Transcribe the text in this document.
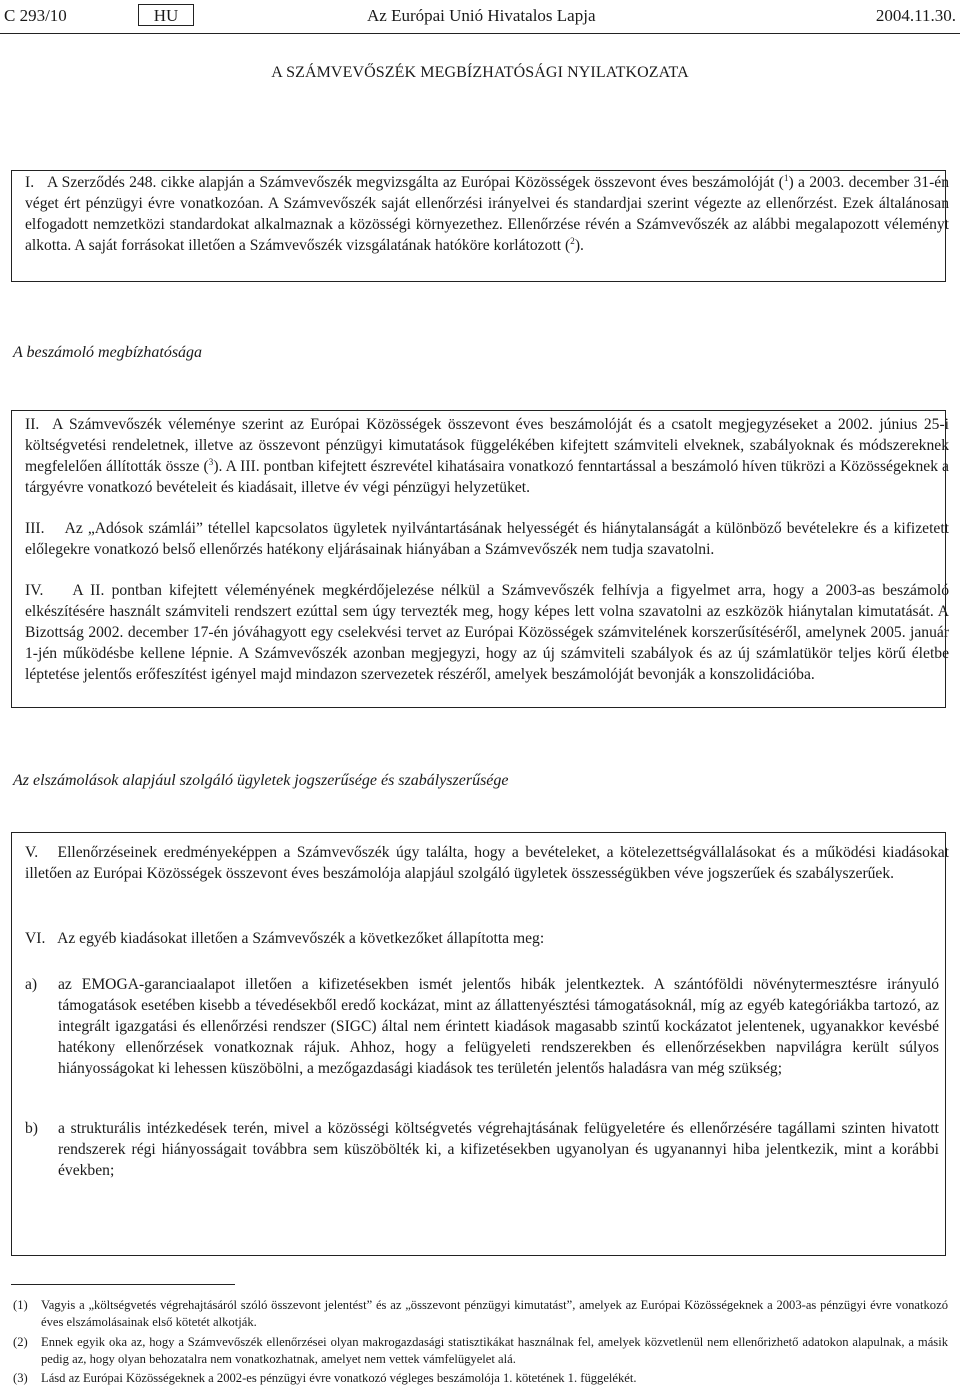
C 293/10	HU	Az Európai Unió Hivatalos Lapja	2004.11.30.
A SZÁMVEVŐSZÉK MEGBÍZHATÓSÁGI NYILATKOZATA

I. A Szerződés 248. cikke alapján a Számvevőszék megvizsgálta az Európai Közösségek összevont éves beszámolóját ($^1$) a 2003. december 31-én véget ért pénzügyi évre vonatkozóan. A Számvevőszék saját ellenőrzési irányelvei és standardjai szerint végezte az ellenőrzést. Ezek általánosan elfogadott nemzetközi standardokat alkalmaznak a közösségi környezethez. Ellenőrzése révén a Számvevőszék az alábbi megalapozott véleményt alkotta. A saját forrásokat illetően a Számvevőszék vizsgálatának hatóköre korlátozott ($^2$).

A beszámoló megbízhatósága

II. A Számvevőszék véleménye szerint az Európai Közösségek összevont éves beszámolóját és a csatolt megjegyzéseket a 2002. június 25-i költségvetési rendeletnek, illetve az összevont pénzügyi kimutatások függelékében kifejtett számviteli elveknek, szabályoknak és módszereknek megfelelően állították össze ($^3$). A III. pontban kifejtett észrevétel kihatásaira vonatkozó fenntartással a beszámoló híven tükrözi a Közösségeknek a tárgyévre vonatkozó bevételeit és kiadásait, illetve év végi pénzügyi helyzetüket.

III. Az „Adósok számlái” tétellel kapcsolatos ügyletek nyilvántartásának helyességét és hiánytalanságát a különböző bevételekre és a kifizetett előlegekre vonatkozó belső ellenőrzés hatékony eljárásainak hiányában a Számvevőszék nem tudja szavatolni.

IV. A II. pontban kifejtett véleményének megkérdőjelezése nélkül a Számvevőszék felhívja a figyelmet arra, hogy a 2003-as beszámoló elkészítésére használt számviteli rendszert ezúttal sem úgy tervezték meg, hogy képes lett volna szavatolni az eszközök hiánytalan kimutatását. A Bizottság 2002. december 17-én jóváhagyott egy cselekvési tervet az Európai Közösségek számvitelének korszerűsítéséről, amelynek 2005. január 1-jén működésbe kellene lépnie. A Számvevőszék azonban megjegyzi, hogy az új számviteli szabályok és az új számlatükör teljes körű életbe léptetése jelentős erőfeszítést igényel majd mindazon szervezetek részéről, amelyek beszámolóját bevonják a konszolidációba.

Az elszámolások alapjául szolgáló ügyletek jogszerűsége és szabályszerűsége

V. Ellenőrzéseinek eredményeképpen a Számvevőszék úgy találta, hogy a bevételeket, a kötelezettségvállalásokat és a működési kiadásokat illetően az Európai Közösségek összevont éves beszámolója alapjául szolgáló ügyletek összességükben véve jogszerűek és szabályszerűek.

VI. Az egyéb kiadásokat illetően a Számvevőszék a következőket állapította meg:

a) az EMOGA-garanciaalapot illetően a kifizetésekben ismét jelentős hibák jelentkeztek. A szántóföldi növénytermesztésre irányuló támogatások esetében kisebb a tévedésekből eredő kockázat, mint az állattenyésztési támogatásoknál, míg az egyéb kategóriákba tartozó, az integrált igazgatási és ellenőrzési rendszer (SIGC) által nem érintett kiadások magasabb szintű kockázatot jelentenek, ugyanakkor kevésbé hatékony ellenőrzések vonatkoznak rájuk. Ahhoz, hogy a felügyeleti rendszerekben és ellenőrzésekben napvilágra került súlyos hiányosságokat ki lehessen küszöbölni, a mezőgazdasági kiadások tes területén jelentős haladásra van még szükség;

b) a strukturális intézkedések terén, mivel a közösségi költségvetés végrehajtásának felügyeletére és ellenőrzésére tagállami szinten hivatott rendszerek régi hiányosságait továbbra sem küszöbölték ki, a kifizetésekben ugyanolyan és ugyanannyi hiba jelentkezik, mint a korábbi években;

(1) Vagyis a „költségvetés végrehajtásáról szóló összevont jelentést” és az „összevont pénzügyi kimutatást”, amelyek az Európai Közösségeknek a 2003-as pénzügyi évre vonatkozó éves elszámolásainak első kötetét alkotják.
(2) Ennek egyik oka az, hogy a Számvevőszék ellenőrzései olyan makrogazdasági statisztikákat használnak fel, amelyek közvetlenül nem ellenőrizhető adatokon alapulnak, a másik pedig az, hogy olyan behozatalra nem vonatkozhatnak, amelyet nem vettek vámfelügyelet alá.
(3) Lásd az Európai Közösségeknek a 2002-es pénzügyi évre vonatkozó végleges beszámolója 1. kötetének 1. függelékét.
